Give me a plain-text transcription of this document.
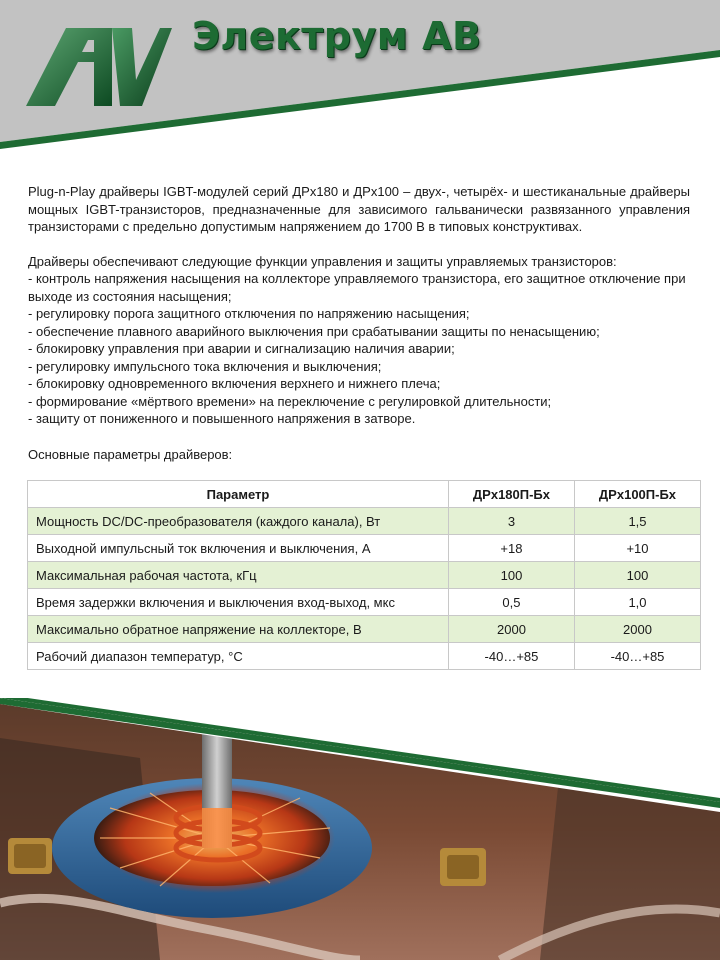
Электрум АВ

Plug-n-Play драйверы IGBT-модулей серий ДРх180 и ДРх100 – двух-, четырёх- и шестиканальные драйверы мощных IGBT-транзисторов, предназначенные для зависимого гальванически развязанного управления транзисторами с предельно допустимым напряжением до 1700 В в типовых конструктивах.

Драйверы обеспечивают следующие функции управления и защиты управляемых транзисторов:

- контроль напряжения насыщения на коллекторе управляемого транзистора, его защитное отключение при выходе из состояния насыщения;

- регулировку порога защитного отключения по напряжению насыщения;

- обеспечение плавного аварийного выключения при срабатывании защиты по ненасыщению;

- блокировку управления при аварии и сигнализацию наличия аварии;

- регулировку импульсного тока включения и выключения;

- блокировку одновременного включения верхнего и нижнего плеча;

- формирование «мёртвого времени» на переключение с регулировкой длительности;

- защиту от пониженного и повышенного напряжения в затворе.

Основные параметры драйверов:

Параметр	ДРх180П-Бх	ДРх100П-Бх
Мощность DC/DC-преобразователя (каждого канала), Вт	3	1,5
Выходной импульсный ток включения и выключения, А	+18	+10
Максимальная рабочая частота, кГц	100	100
Время задержки включения и выключения вход-выход, мкс	0,5	1,0
Максимально обратное напряжение на коллекторе, В	2000	2000
Рабочий диапазон температур, °С	-40…+85	-40…+85
